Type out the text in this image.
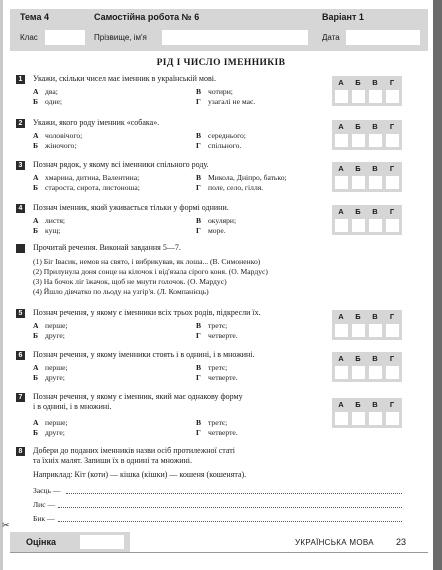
Тема 4	Самостійна робота № 6	Варіант 1
Клас	Прізвище, ім'я	Дата
РІД І ЧИСЛО ІМЕННИКІВ
1	Укажи, скільки чисел має іменник в українській мові.
А два;
Б одне;
В чотири;
Г узагалі не має.
А	Б	В	Г
2	Укажи, якого роду іменник «собака».
А чоловічого;
Б жіночого;
В середнього;
Г спільного.
А	Б	В	Г
3	Познач рядок, у якому всі іменники спільного роду.
А хмарина, дитина, Валентина;
Б староста, сирота, листоноша;
В Микола, Дніпро, батько;
Г поле, село, гілля.
А	Б	В	Г
4	Познач іменник, який уживається тільки у формі однини.
А листя;
Б кущ;
В окуляри;
Г море.
А	Б	В	Г
Прочитай речення. Виконай завдання 5—7.
(1) Біг Івасик, немов на свято, і вибрикував, як лоша... (В. Симоненко)
(2) Прилунула доня сонце на кілочок і від'язала сірого коня. (О. Мардус)
(3) На бочок ліг їжачок, щоб не мнути голочок. (О. Мардус)
(4) Йшло дівчатко по льоду на узгір'я. (Л. Компанієць)
5	Познач речення, у якому є іменники всіх трьох родів, підкресли їх.
А перше;
Б друге;
В третє;
Г четверте.
А	Б	В	Г
6	Познач речення, у якому іменники стоять і в однині, і в множині.
А перше;
Б друге;
В третє;
Г четверте.
А	Б	В	Г
7	Познач речення, у якому є іменник, який має однакову форму
і в однині, і в множині.
А перше;
Б друге;
В третє;
Г четверте.
А	Б	В	Г
8	Добери до поданих іменників назви осіб протилежної статі
та їхніх малят. Запиши їх в однині та множині.
Наприклад: Кіт (коти) — кішка (кішки) — кошеня (кошенята).
Заєць —
Лис —
Бик —
✂
Оцінка	УКРАЇНСЬКА МОВА 23
